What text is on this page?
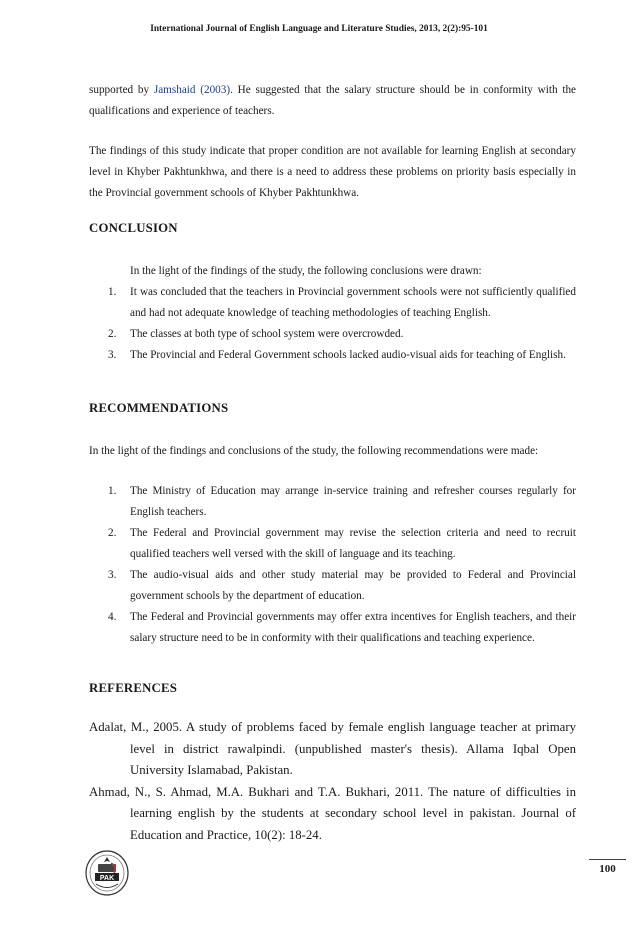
International Journal of English Language and Literature Studies, 2013, 2(2):95-101
supported by Jamshaid (2003). He suggested that the salary structure should be in conformity with the qualifications and experience of teachers.
The findings of this study indicate that proper condition are not available for learning English at secondary level in Khyber Pakhtunkhwa, and there is a need to address these problems on priority basis especially in the Provincial government schools of Khyber Pakhtunkhwa.
CONCLUSION
In the light of the findings of the study, the following conclusions were drawn:
1. It was concluded that the teachers in Provincial government schools were not sufficiently qualified and had not adequate knowledge of teaching methodologies of teaching English.
2. The classes at both type of school system were overcrowded.
3. The Provincial and Federal Government schools lacked audio-visual aids for teaching of English.
RECOMMENDATIONS
In the light of the findings and conclusions of the study, the following recommendations were made:
1. The Ministry of Education may arrange in-service training and refresher courses regularly for English teachers.
2. The Federal and Provincial government may revise the selection criteria and need to recruit qualified teachers well versed with the skill of language and its teaching.
3. The audio-visual aids and other study material may be provided to Federal and Provincial government schools by the department of education.
4. The Federal and Provincial governments may offer extra incentives for English teachers, and their salary structure need to be in conformity with their qualifications and teaching experience.
REFERENCES
Adalat, M., 2005. A study of problems faced by female english language teacher at primary level in district rawalpindi. (unpublished master's thesis). Allama Iqbal Open University Islamabad, Pakistan.
Ahmad, N., S. Ahmad, M.A. Bukhari and T.A. Bukhari, 2011. The nature of difficulties in learning english by the students at secondary school level in pakistan. Journal of Education and Practice, 10(2): 18-24.
PAK
100
